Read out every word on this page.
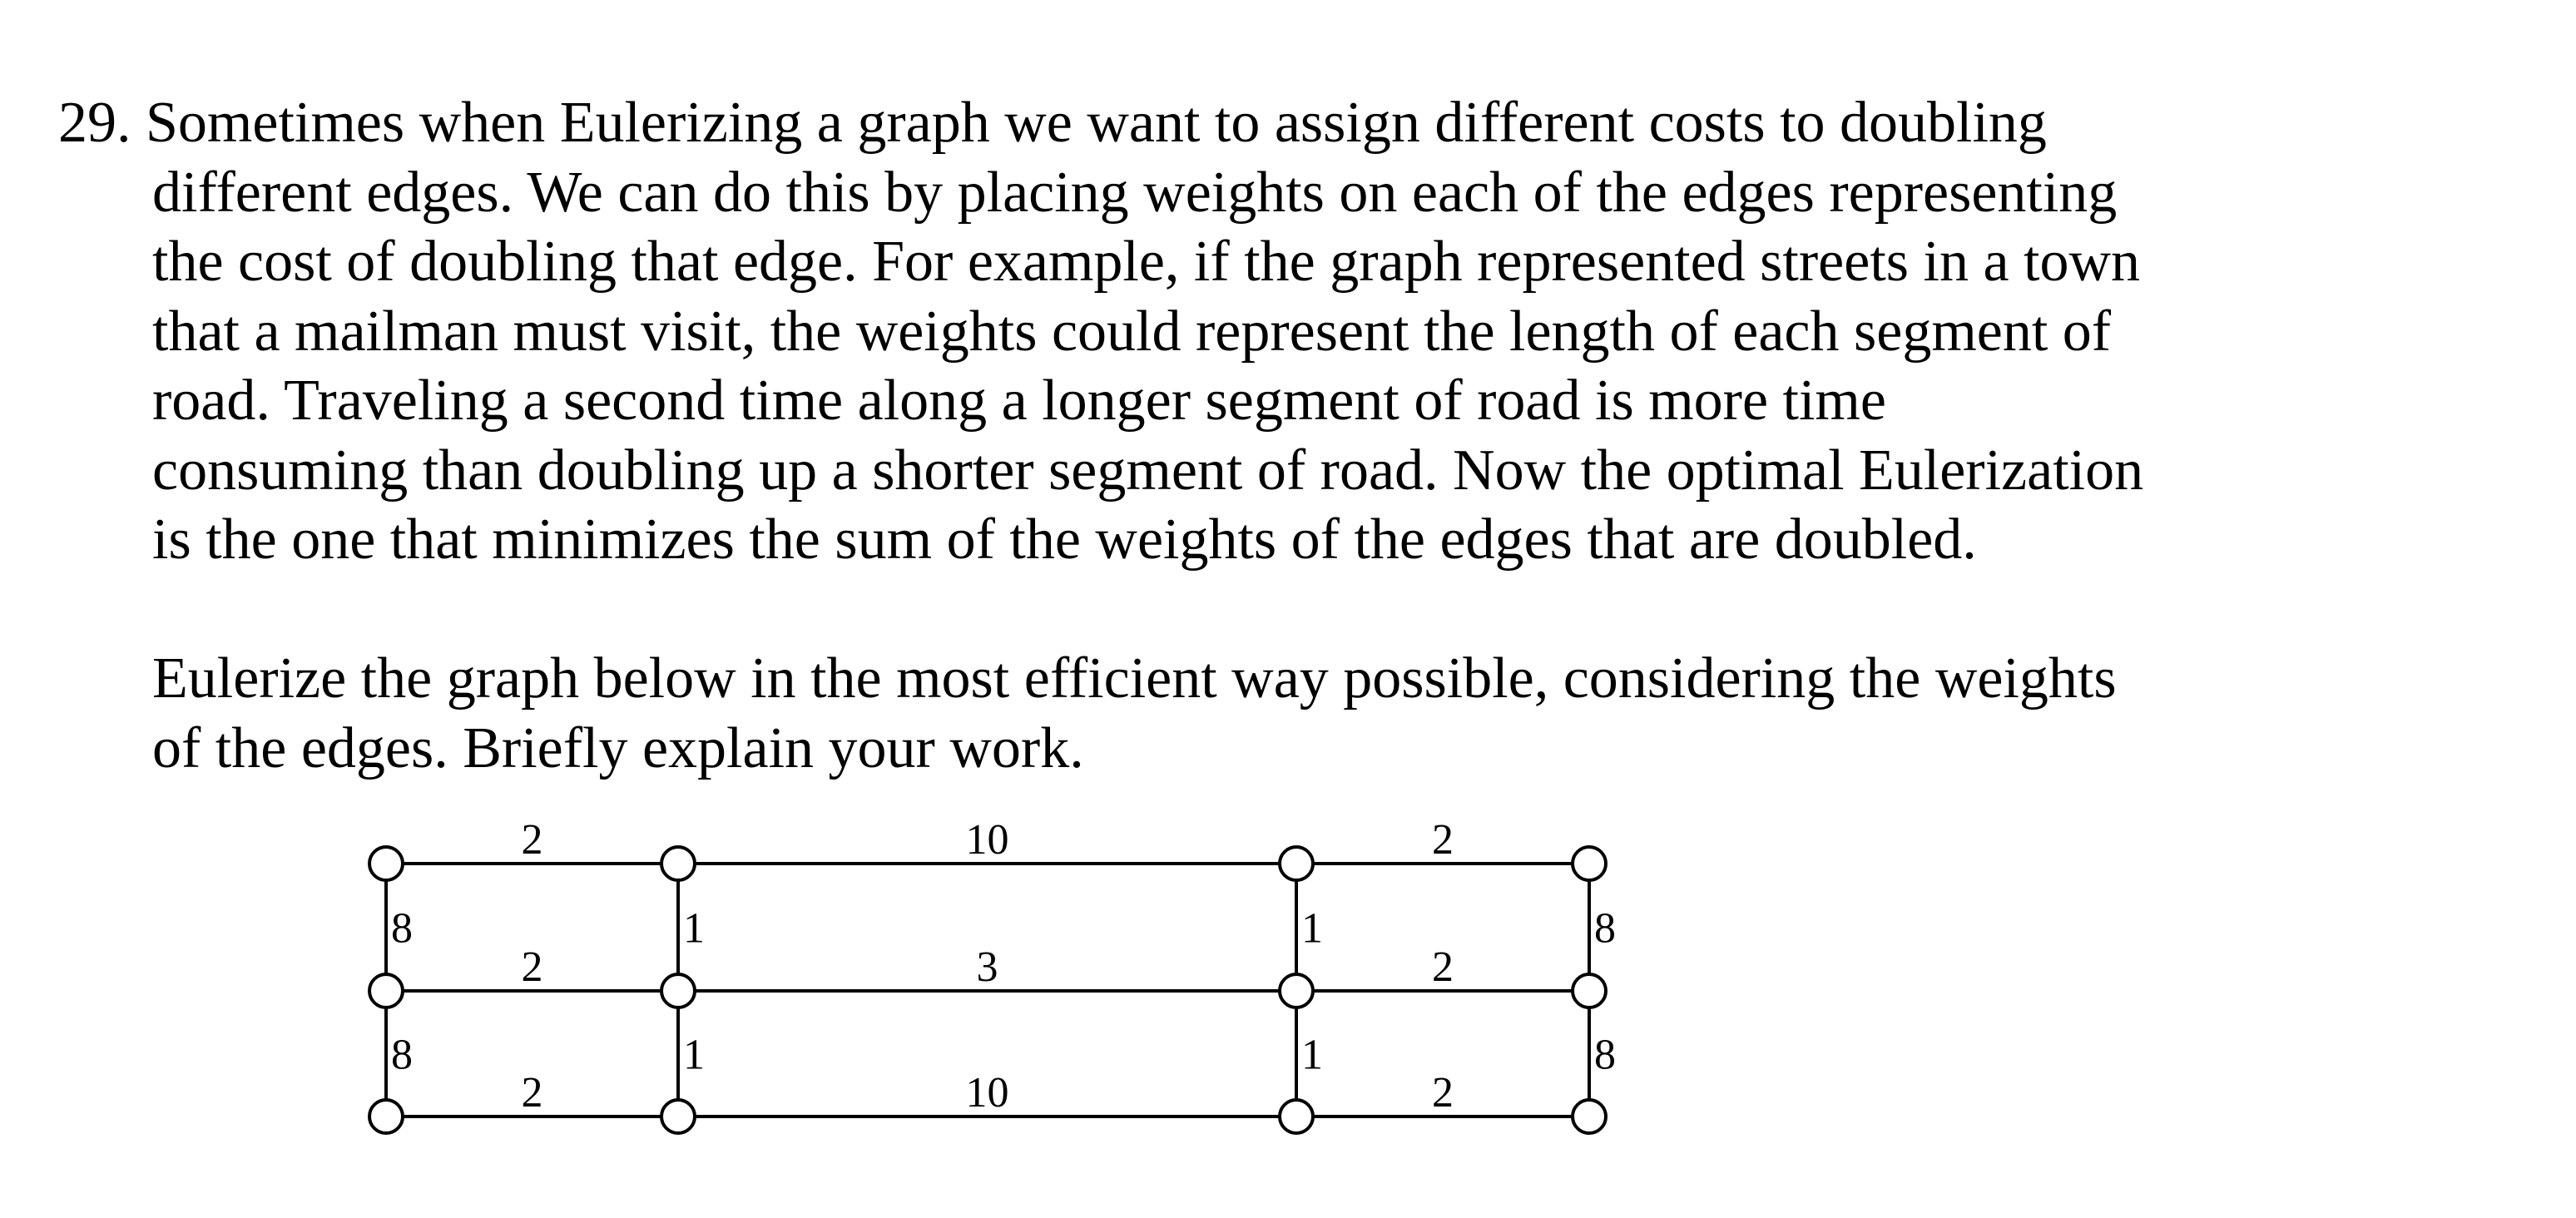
29. Sometimes when Eulerizing a graph we want to assign different costs to doubling
different edges. We can do this by placing weights on each of the edges representing
the cost of doubling that edge. For example, if the graph represented streets in a town
that a mailman must visit, the weights could represent the length of each segment of
road. Traveling a second time along a longer segment of road is more time
consuming than doubling up a shorter segment of road. Now the optimal Eulerization
is the one that minimizes the sum of the weights of the edges that are doubled.
Eulerize the graph below in the most efficient way possible, considering the weights
of the edges. Briefly explain your work.
2	10	2
2	3	2
2	10	2
8	1	1	8
8	1	1	8
